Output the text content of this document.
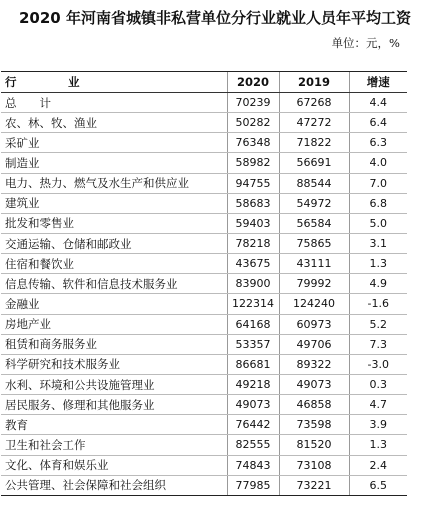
2020 年河南省城镇非私营单位分行业就业人员年平均工资
单位：元，%
行　业	2020	2019	增速
总　　计	70239	67268	4.4
农、林、牧、渔业	50282	47272	6.4
采矿业	76348	71822	6.3
制造业	58982	56691	4.0
电力、热力、燃气及水生产和供应业	94755	88544	7.0
建筑业	58683	54972	6.8
批发和零售业	59403	56584	5.0
交通运输、仓储和邮政业	78218	75865	3.1
住宿和餐饮业	43675	43111	1.3
信息传输、软件和信息技术服务业	83900	79992	4.9
金融业	122314	124240	-1.6
房地产业	64168	60973	5.2
租赁和商务服务业	53357	49706	7.3
科学研究和技术服务业	86681	89322	-3.0
水利、环境和公共设施管理业	49218	49073	0.3
居民服务、修理和其他服务业	49073	46858	4.7
教育	76442	73598	3.9
卫生和社会工作	82555	81520	1.3
文化、体育和娱乐业	74843	73108	2.4
公共管理、社会保障和社会组织	77985	73221	6.5
